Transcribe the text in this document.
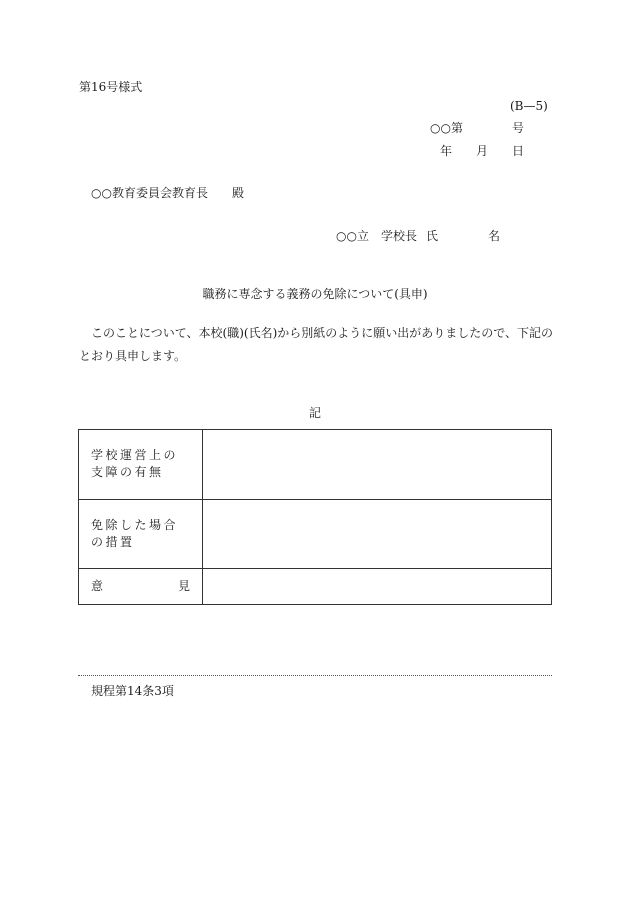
第16号様式
(B—5)
○○第	号
年 月 日
○○教育委員会教育長　　殿
○○立　学校長 氏	名
職務に専念する義務の免除について(具申)

このことについて、本校(職)(氏名)から別紙のように願い出がありましたので、下記のとおり具申します。

記
学校運営上の
支障の有無	

免除した場合
の措置	

意 見	

規程第14条3項
